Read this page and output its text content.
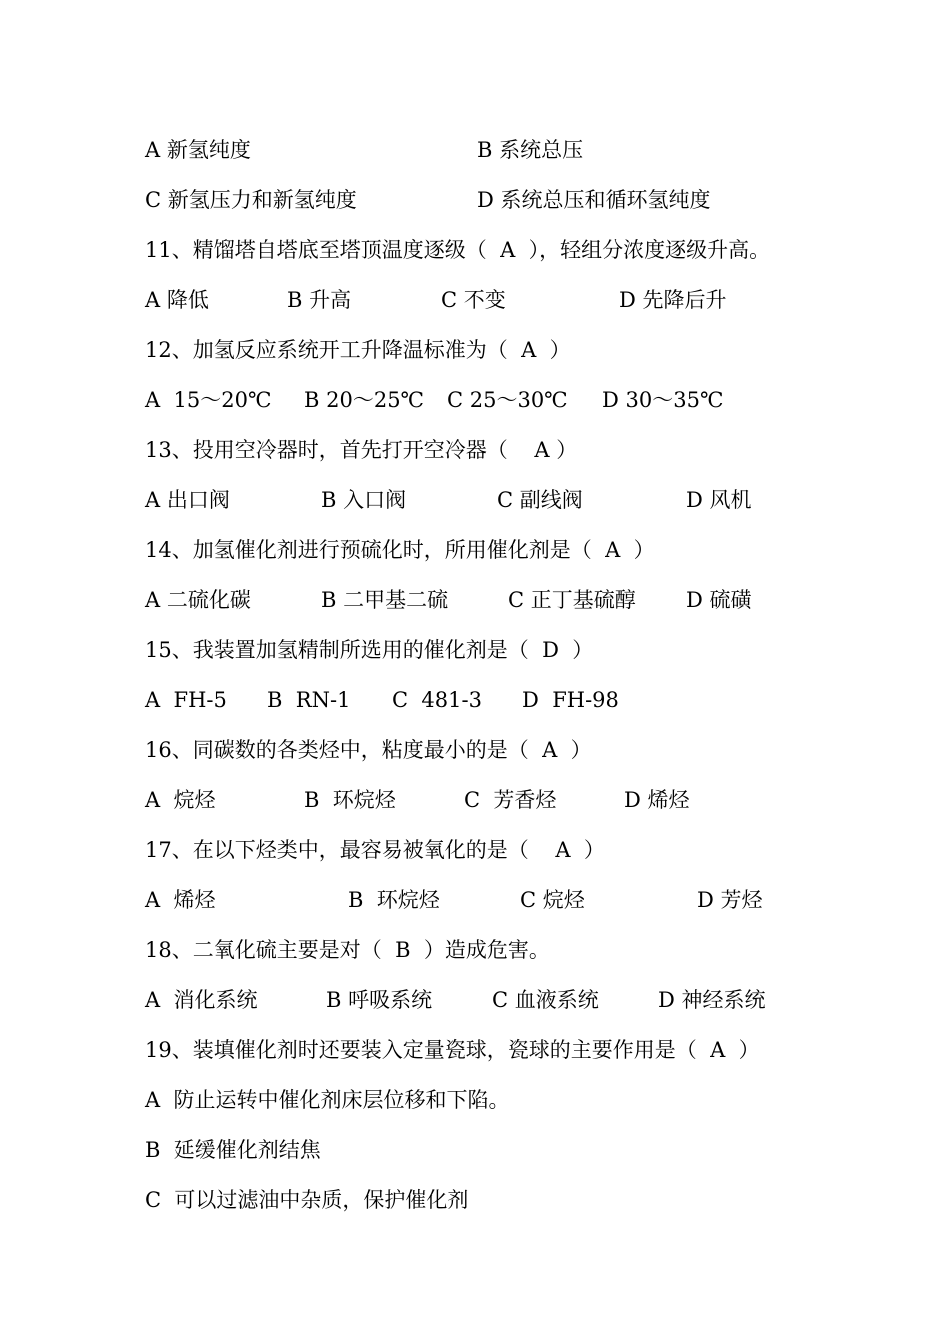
A 新氢纯度

	B 系统总压

C 新氢压力和新氢纯度

	D 系统总压和循环氢纯度

11、精馏塔自塔底至塔顶温度逐级（  A  ），轻组分浓度逐级升高。

A 降低

	B 升高

	C 不变

	D 先降后升

12、加氢反应系统开工升降温标准为（  A  ）

A  15～20℃

B 20～25℃

C 25～30℃

D 30～35℃

13、投用空冷器时，首先打开空冷器（    A ）

A 出口阀

	B 入口阀

	C 副线阀

	D 风机

14、加氢催化剂进行预硫化时，所用催化剂是（  A  ）

A 二硫化碳

	B 二甲基二硫

	C 正丁基硫醇

D 硫磺

15、我装置加氢精制所选用的催化剂是（  D  ）

A  FH-5

B  RN-1

C  481-3

D  FH-98

16、同碳数的各类烃中，粘度最小的是（  A  ）

A  烷烃

	B  环烷烃

	C  芳香烃

	D 烯烃

17、在以下烃类中，最容易被氧化的是（    A  ）

A  烯烃

	B  环烷烃

	C 烷烃

	D 芳烃

18、二氧化硫主要是对（  B  ）造成危害。

A  消化系统

	B 呼吸系统

	C 血液系统

	D 神经系统

19、装填催化剂时还要装入定量瓷球，瓷球的主要作用是（  A  ）
A  防止运转中催化剂床层位移和下陷。
B  延缓催化剂结焦
C  可以过滤油中杂质，保护催化剂
